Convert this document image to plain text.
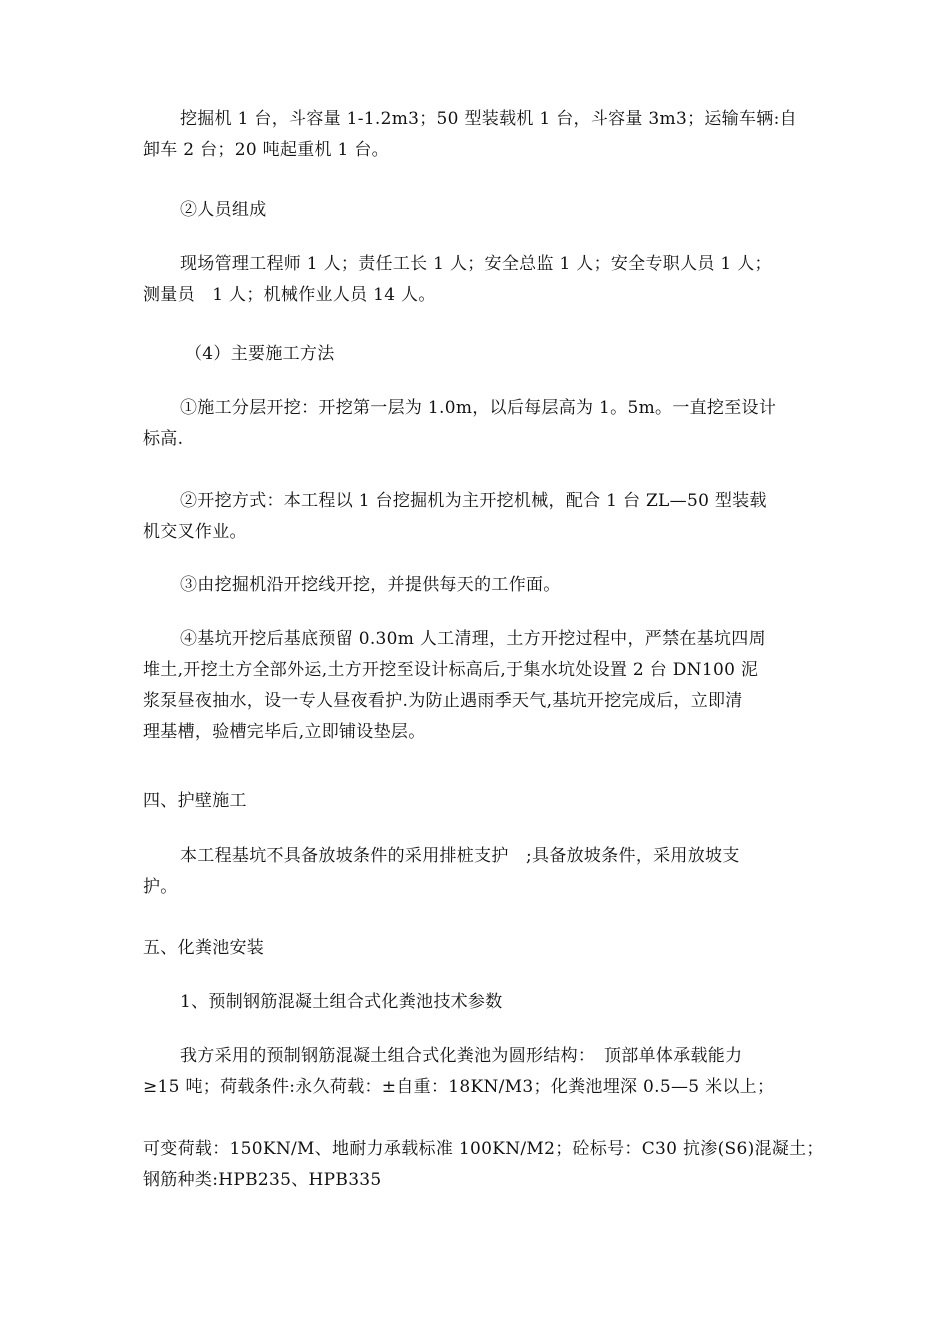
挖掘机 1 台，斗容量 1-1.2m3；50 型装载机 1 台，斗容量 3m3；运输车辆:自
卸车 2 台；20 吨起重机 1 台。

②人员组成

现场管理工程师 1 人；责任工长 1 人；安全总监 1 人；安全专职人员 1 人；
测量员　1 人；机械作业人员 14 人。

（4）主要施工方法

①施工分层开挖：开挖第一层为 1.0m，以后每层高为 1。5m。一直挖至设计
标高.

②开挖方式：本工程以 1 台挖掘机为主开挖机械，配合 1 台 ZL—50 型装载
机交叉作业。

③由挖掘机沿开挖线开挖，并提供每天的工作面。

④基坑开挖后基底预留 0.30m 人工清理，土方开挖过程中，严禁在基坑四周
堆土,开挖土方全部外运,土方开挖至设计标高后,于集水坑处设置 2 台 DN100 泥
浆泵昼夜抽水，设一专人昼夜看护.为防止遇雨季天气,基坑开挖完成后，立即清
理基槽，验槽完毕后,立即铺设垫层。

四、护壁施工

本工程基坑不具备放坡条件的采用排桩支护　;具备放坡条件，采用放坡支
护。

五、化粪池安装

1、预制钢筋混凝土组合式化粪池技术参数

我方采用的预制钢筋混凝土组合式化粪池为圆形结构：　顶部单体承载能力
≥15 吨；荷载条件:永久荷载：±自重：18KN/M3；化粪池埋深 0.5—5 米以上；

可变荷载：150KN/M、地耐力承载标准 100KN/M2；砼标号：C30 抗渗(S6)混凝土；
钢筋种类:HPB235、HPB335
